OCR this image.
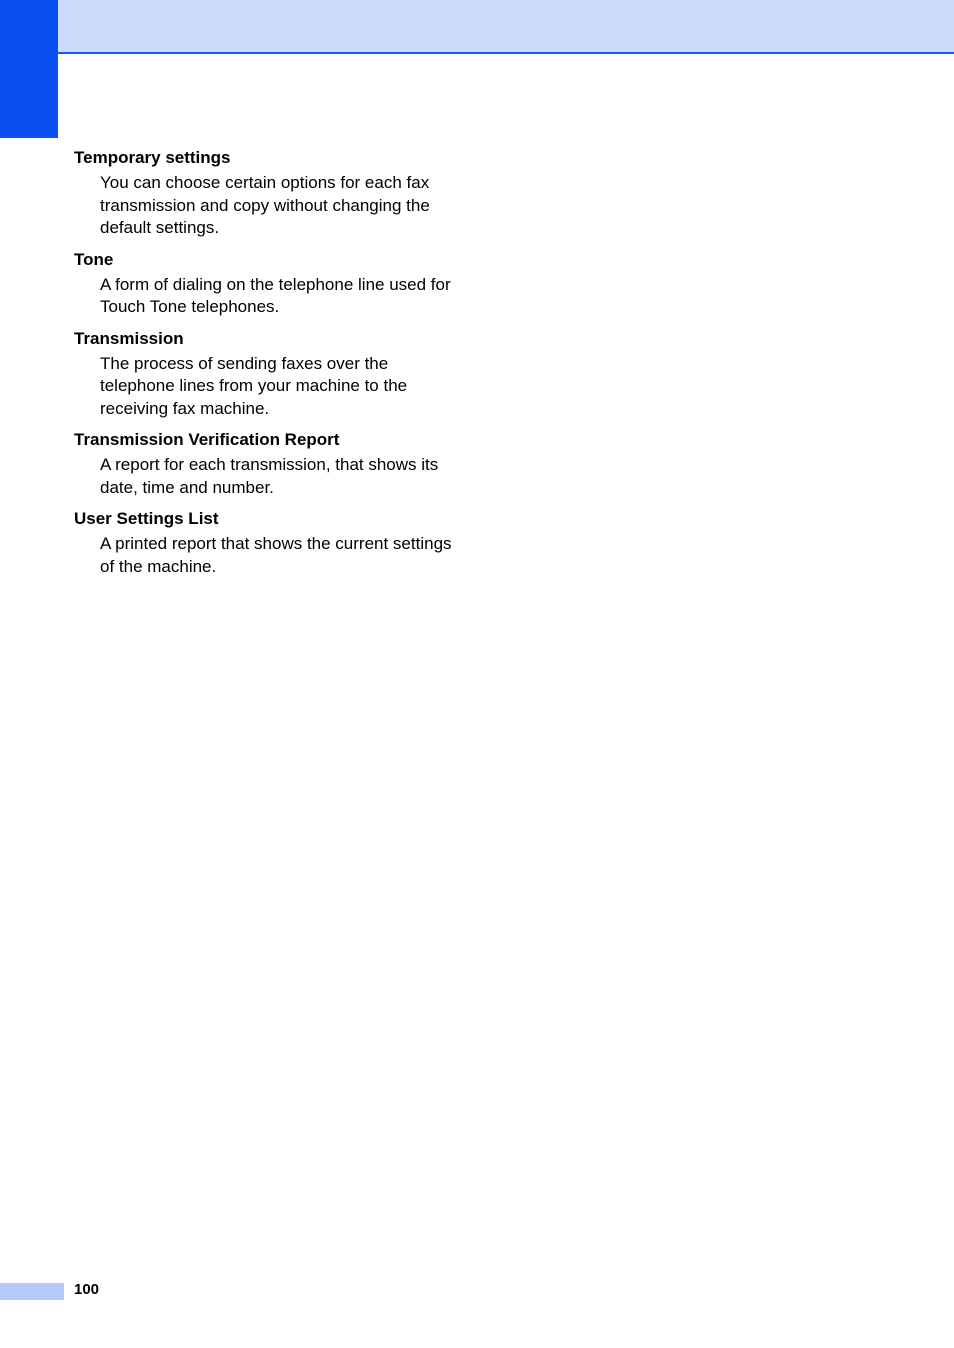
Temporary settings

You can choose certain options for each fax transmission and copy without changing the default settings.

Tone

A form of dialing on the telephone line used for Touch Tone telephones.

Transmission

The process of sending faxes over the telephone lines from your machine to the receiving fax machine.

Transmission Verification Report

A report for each transmission, that shows its date, time and number.

User Settings List

A printed report that shows the current settings of the machine.

100
